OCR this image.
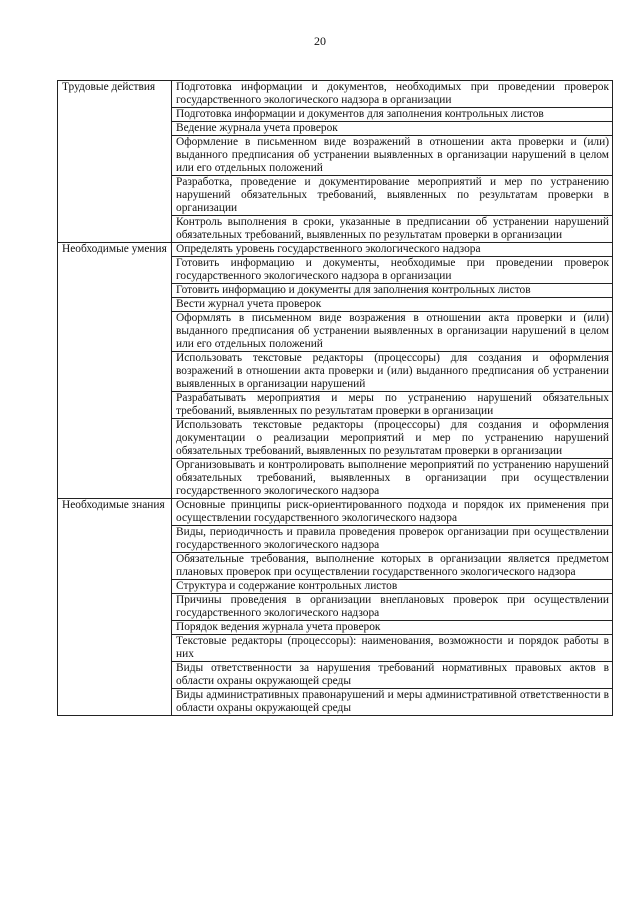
20
Трудовые действия	Подготовка информации и документов, необходимых при проведении проверок государственного экологического надзора в организации
	Подготовка информации и документов для заполнения контрольных листов
	Ведение журнала учета проверок
	Оформление в письменном виде возражений в отношении акта проверки и (или) выданного предписания об устранении выявленных в организации нарушений в целом или его отдельных положений
	Разработка, проведение и документирование мероприятий и мер по устранению нарушений обязательных требований, выявленных по результатам проверки в организации
	Контроль выполнения в сроки, указанные в предписании об устранении нарушений обязательных требований, выявленных по результатам проверки в организации
Необходимые умения	Определять уровень государственного экологического надзора
	Готовить информацию и документы, необходимые при проведении проверок государственного экологического надзора в организации
	Готовить информацию и документы для заполнения контрольных листов
	Вести журнал учета проверок
	Оформлять в письменном виде возражения в отношении акта проверки и (или) выданного предписания об устранении выявленных в организации нарушений в целом или его отдельных положений
	Использовать текстовые редакторы (процессоры) для создания и оформления возражений в отношении акта проверки и (или) выданного предписания об устранении выявленных в организации нарушений
	Разрабатывать мероприятия и меры по устранению нарушений обязательных требований, выявленных по результатам проверки в организации
	Использовать текстовые редакторы (процессоры) для создания и оформления документации о реализации мероприятий и мер по устранению нарушений обязательных требований, выявленных по результатам проверки в организации
	Организовывать и контролировать выполнение мероприятий по устранению нарушений обязательных требований, выявленных в организации при осуществлении государственного экологического надзора
Необходимые знания	Основные принципы риск-ориентированного подхода и порядок их применения при осуществлении государственного экологического надзора
	Виды, периодичность и правила проведения проверок организации при осуществлении государственного экологического надзора
	Обязательные требования, выполнение которых в организации является предметом плановых проверок при осуществлении государственного экологического надзора
	Структура и содержание контрольных листов
	Причины проведения в организации внеплановых проверок при осуществлении государственного экологического надзора
	Порядок ведения журнала учета проверок
	Текстовые редакторы (процессоры): наименования, возможности и порядок работы в них
	Виды ответственности за нарушения требований нормативных правовых актов в области охраны окружающей среды
	Виды административных правонарушений и меры административной ответственности в области охраны окружающей среды
